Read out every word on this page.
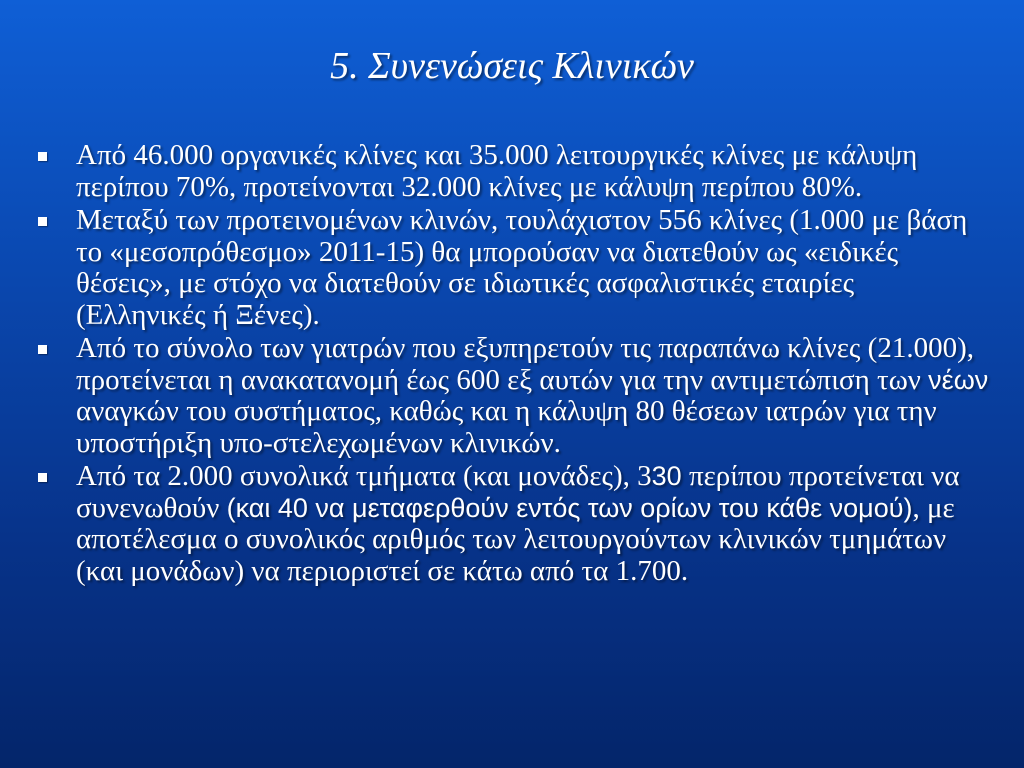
5. Συνενώσεις Κλινικών
Από 46.000 οργανικές κλίνες και 35.000 λειτουργικές κλίνες με κάλυψη περίπου 70%, προτείνονται 32.000 κλίνες με κάλυψη περίπου 80%.
Μεταξύ των προτεινομένων κλινών, τουλάχιστον 556 κλίνες (1.000 με βάση το «μεσοπρόθεσμο» 2011-15) θα μπορούσαν να διατεθούν ως «ειδικές θέσεις», με στόχο να διατεθούν σε ιδιωτικές ασφαλιστικές εταιρίες (Ελληνικές ή Ξένες).
Από το σύνολο των γιατρών που εξυπηρετούν τις παραπάνω κλίνες (21.000), προτείνεται η ανακατανομή έως 600 εξ αυτών για την αντιμετώπιση των νέων αναγκών του συστήματος, καθώς και η κάλυψη 80 θέσεων ιατρών για την υποστήριξη υπο-στελεχωμένων κλινικών.
Από τα 2.000 συνολικά τμήματα (και μονάδες), 330 περίπου προτείνεται να συνενωθούν (και 40 να μεταφερθούν εντός των ορίων του κάθε νομού), με αποτέλεσμα ο συνολικός αριθμός των λειτουργούντων κλινικών τμημάτων (και μονάδων) να περιοριστεί σε κάτω από τα 1.700.
